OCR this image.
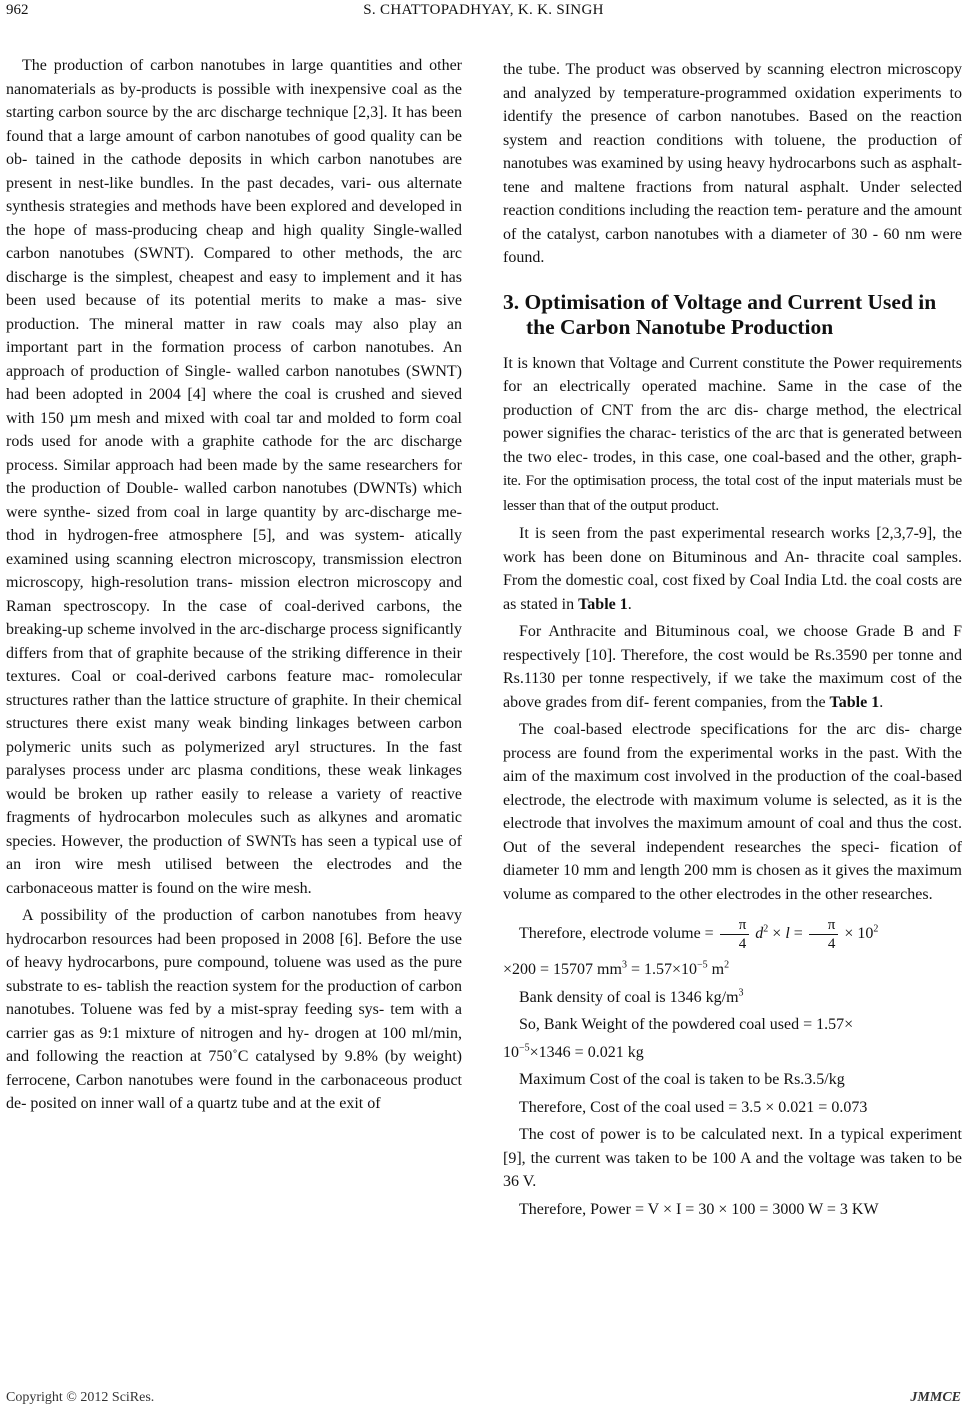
962	S. CHATTOPADHYAY, K. K. SINGH

The production of carbon nanotubes in large quantities and other nanomaterials as by-products is possible with inexpensive coal as the starting carbon source by the arc discharge technique [2,3]. It has been found that a large amount of carbon nanotubes of good quality can be ob- tained in the cathode deposits in which carbon nanotubes are present in nest-like bundles. In the past decades, vari- ous alternate synthesis strategies and methods have been explored and developed in the hope of mass-producing cheap and high quality Single-walled carbon nanotubes (SWNT). Compared to other methods, the arc discharge is the simplest, cheapest and easy to implement and it has been used because of its potential merits to make a mas- sive production. The mineral matter in raw coals may also play an important part in the formation process of carbon nanotubes. An approach of production of Single- walled carbon nanotubes (SWNT) had been adopted in 2004 [4] where the coal is crushed and sieved with 150 µm mesh and mixed with coal tar and molded to form coal rods used for anode with a graphite cathode for the arc discharge process. Similar approach had been made by the same researchers for the production of Double- walled carbon nanotubes (DWNTs) which were synthe- sized from coal in large quantity by arc-discharge me- thod in hydrogen-free atmosphere [5], and was system- atically examined using scanning electron microscopy, transmission electron microscopy, high-resolution trans- mission electron microscopy and Raman spectroscopy. In the case of coal-derived carbons, the breaking-up scheme involved in the arc-discharge process significantly differs from that of graphite because of the striking difference in their textures. Coal or coal-derived carbons feature mac- romolecular structures rather than the lattice structure of graphite. In their chemical structures there exist many weak binding linkages between carbon polymeric units such as polymerized aryl structures. In the fast paralyses process under arc plasma conditions, these weak linkages would be broken up rather easily to release a variety of reactive fragments of hydrocarbon molecules such as alkynes and aromatic species. However, the production of SWNTs has seen a typical use of an iron wire mesh utilised between the electrodes and the carbonaceous matter is found on the wire mesh.

A possibility of the production of carbon nanotubes from heavy hydrocarbon resources had been proposed in 2008 [6]. Before the use of heavy hydrocarbons, pure compound, toluene was used as the pure substrate to es- tablish the reaction system for the production of carbon nanotubes. Toluene was fed by a mist-spray feeding sys- tem with a carrier gas as 9:1 mixture of nitrogen and hy- drogen at 100 ml/min, and following the reaction at 750˚C catalysed by 9.8% (by weight) ferrocene, Carbon nanotubes were found in the carbonaceous product de- posited on inner wall of a quartz tube and at the exit of

the tube. The product was observed by scanning electron microscopy and analyzed by temperature-programmed oxidation experiments to identify the presence of carbon nanotubes. Based on the reaction system and reaction conditions with toluene, the production of nanotubes was examined by using heavy hydrocarbons such as asphalt- tene and maltene fractions from natural asphalt. Under selected reaction conditions including the reaction tem- perature and the amount of the catalyst, carbon nanotubes with a diameter of 30 - 60 nm were found.

3. Optimisation of Voltage and Current Used in the Carbon Nanotube Production

It is known that Voltage and Current constitute the Power requirements for an electrically operated machine. Same in the case of the production of CNT from the arc dis- charge method, the electrical power signifies the charac- teristics of the arc that is generated between the two elec- trodes, in this case, one coal-based and the other, graph- ite. For the optimisation process, the total cost of the input materials must be lesser than that of the output product.

It is seen from the past experimental research works [2,3,7-9], the work has been done on Bituminous and An- thracite coal samples. From the domestic coal, cost fixed by Coal India Ltd. the coal costs are as stated in Table 1.

For Anthracite and Bituminous coal, we choose Grade B and F respectively [10]. Therefore, the cost would be Rs.3590 per tonne and Rs.1130 per tonne respectively, if we take the maximum cost of the above grades from dif- ferent companies, from the Table 1.

The coal-based electrode specifications for the arc dis- charge process are found from the experimental works in the past. With the aim of the maximum cost involved in the production of the coal-based electrode, the electrode with maximum volume is selected, as it is the electrode that involves the maximum amount of coal and thus the cost. Out of the several independent researches the speci- fication of diameter 10 mm and length 200 mm is chosen as it gives the maximum volume as compared to the other electrodes in the other researches.

Therefore, electrode volume = $\frac{\pi}{4} d^2 \times l = \frac{\pi}{4} \times 10^2$

×200 = 15707 $mm^3 = 1.57\times 10^{-5}$ $m^2$

Bank density of coal is 1346 $kg/m^3$

So, Bank Weight of the powdered coal used = 1.57×

$10^{-5}\times 1346 = 0.021$ kg

Maximum Cost of the coal is taken to be Rs.3.5/kg

Therefore, Cost of the coal used = 3.5 × 0.021 = 0.073

The cost of power is to be calculated next. In a typical experiment [9], the current was taken to be 100 A and the voltage was taken to be 36 V.

Therefore, Power = V × I = 30 × 100 = 3000 W = 3 KW

Copyright © 2012 SciRes.	JMMCE
